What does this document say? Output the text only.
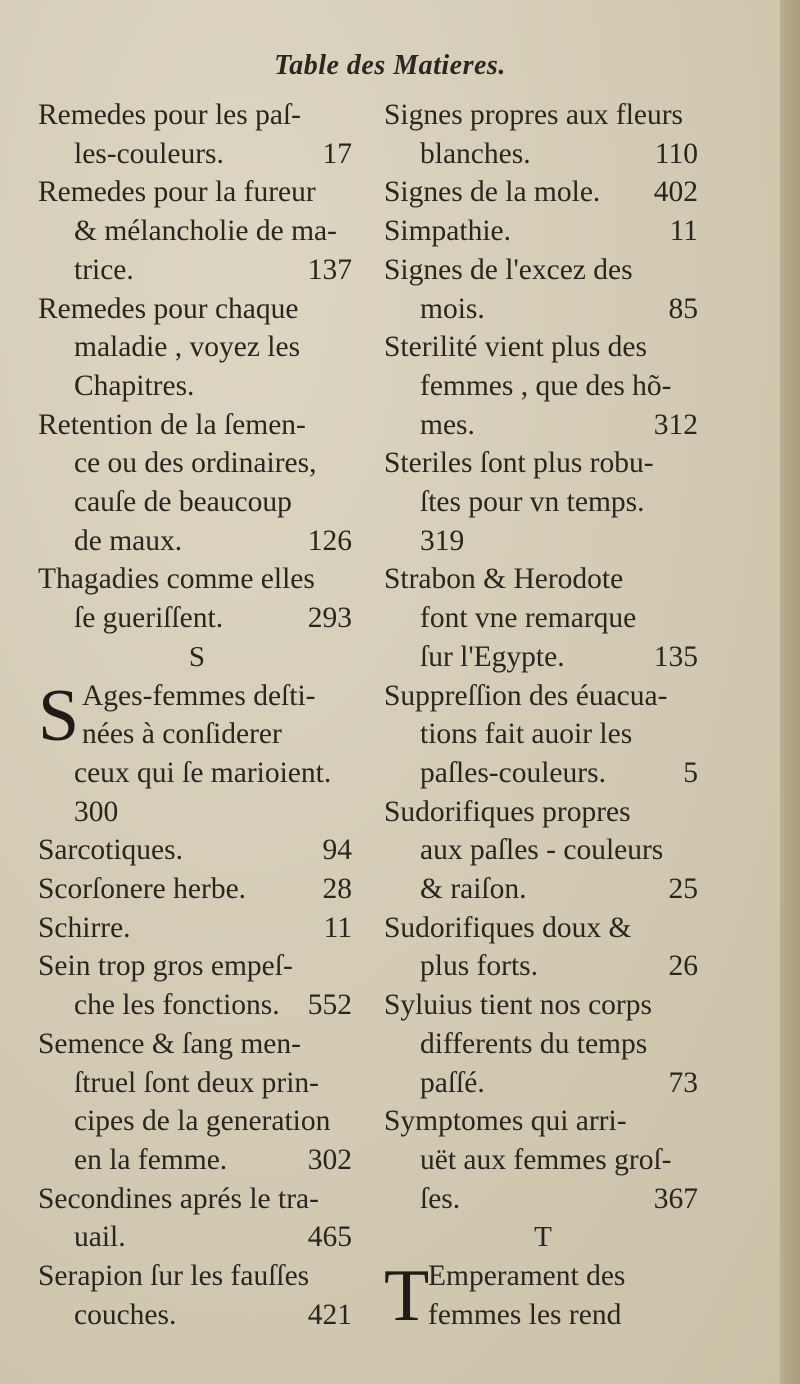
Table des Matieres.
Remedes pour les paſ-
les-couleurs.	17
Remedes pour la fureur
& mélancholie de ma-
trice.	137
Remedes pour chaque
maladie , voyez les
Chapitres.
Retention de la ſemen-
ce ou des ordinaires,
cauſe de beaucoup
de maux.	126
Thagadies comme elles
ſe gueriſſent.	293
S
S Ages-femmes deſti-
nées à conſiderer
ceux qui ſe marioient.
300
Sarcotiques.	94
Scorſonere herbe.	28
Schirre.	11
Sein trop gros empeſ-
che les fonctions. 552
Semence & ſang men-
ſtruel ſont deux prin-
cipes de la generation
en la femme.	302
Secondines aprés le tra-
uail.	465
Serapion ſur les fauſſes
couches.	421
Signes propres aux fleurs
blanches.	110
Signes de la mole. 402
Simpathie.	11
Signes de l'excez des
mois.	85
Sterilité vient plus des
femmes , que des hõ-
mes.	312
Steriles ſont plus robu-
ſtes pour vn temps.
319
Strabon & Herodote
font vne remarque
ſur l'Egypte.	135
Suppreſſion des éuacua-
tions fait auoir les
paſles-couleurs.	5
Sudorifiques propres
aux paſles - couleurs
& raiſon.	25
Sudorifiques doux &
plus forts.	26
Syluius tient nos corps
differents du temps
paſſé.	73
Symptomes qui arri-
uët aux femmes groſ-
ſes.	367
T
T
Emperament des
femmes les rend
